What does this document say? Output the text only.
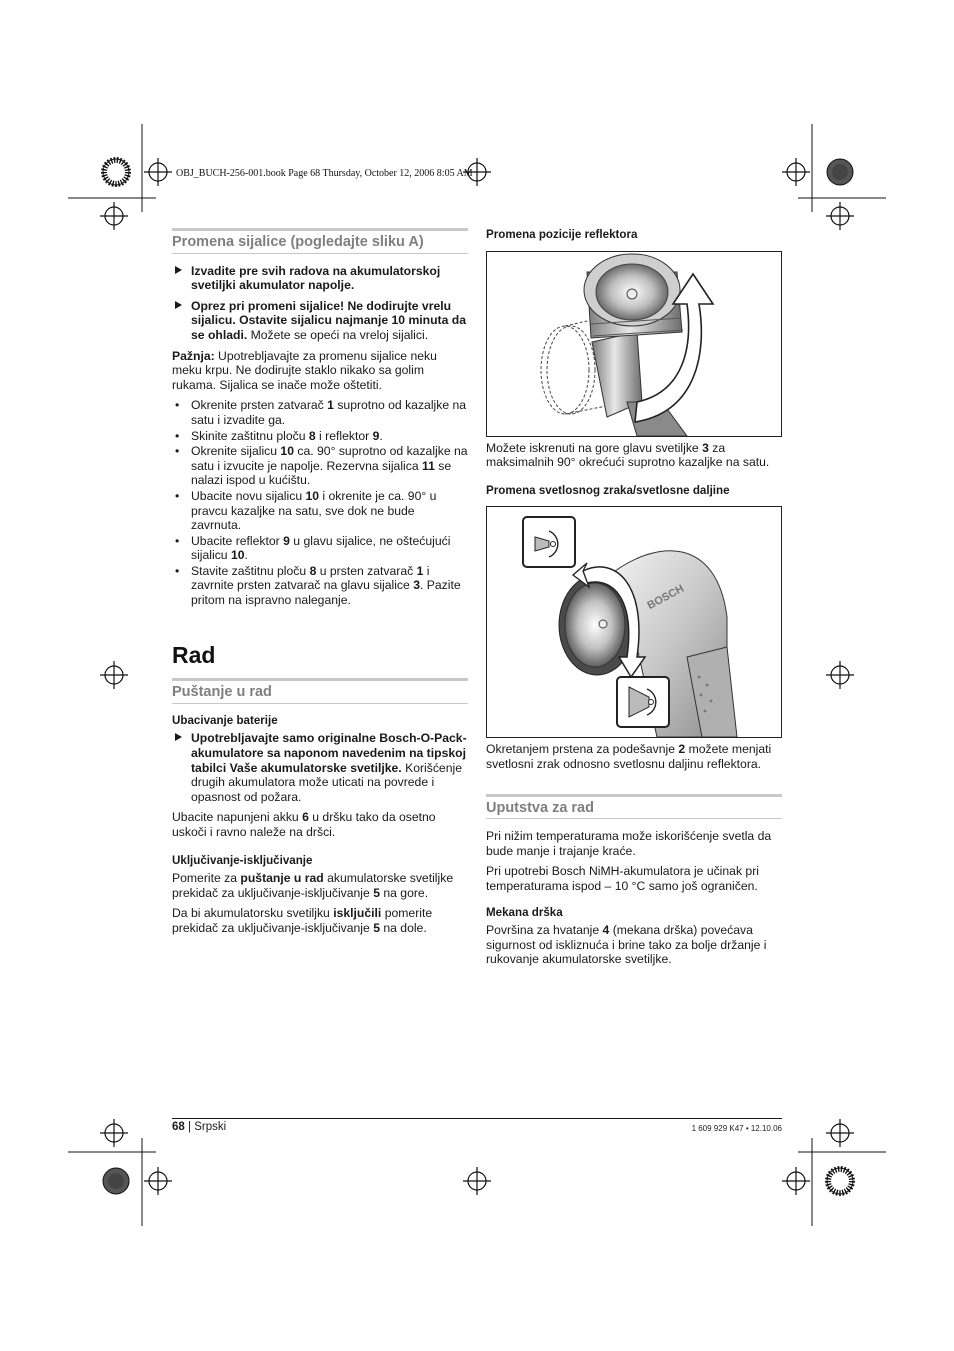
OBJ_BUCH-256-001.book Page 68 Thursday, October 12, 2006 8:05 AM
Promena sijalice (pogledajte sliku A)
Izvadite pre svih radova na akumulatorskoj svetiljki akumulator napolje.
Oprez pri promeni sijalice! Ne dodirujte vrelu sijalicu. Ostavite sijalicu najmanje 10 minuta da se ohladi. Možete se opeći na vreloj sijalici.

Pažnja: Upotrebljavajte za promenu sijalice neku meku krpu. Ne dodirujte staklo nikako sa golim rukama. Sijalica se inače može oštetiti.

• Okrenite prsten zatvarač 1 suprotno od kazaljke na satu i izvadite ga.
• Skinite zaštitnu ploču 8 i reflektor 9.
• Okrenite sijalicu 10 ca. 90° suprotno od kazaljke na satu i izvucite je napolje. Rezervna sijalica 11 se nalazi ispod u kućištu.
• Ubacite novu sijalicu 10 i okrenite je ca. 90° u pravcu kazaljke na satu, sve dok ne bude zavrnuta.
• Ubacite reflektor 9 u glavu sijalice, ne oštećujući sijalicu 10.
• Stavite zaštitnu ploču 8 u prsten zatvarač 1 i zavrnite prsten zatvarač na glavu sijalice 3. Pazite pritom na ispravno naleganje.
Rad
Puštanje u rad
Ubacivanje baterije
Upotrebljavajte samo originalne Bosch-O-Pack-akumulatore sa naponom navedenim na tipskoj tabilci Vaše akumulatorske svetiljke. Korišćenje drugih akumulatora može uticati na povrede i opasnost od požara.

Ubacite napunjeni akku 6 u dršku tako da osetno uskoči i ravno naleže na dršci.

Uključivanje-isključivanje

Pomerite za puštanje u rad akumulatorske svetiljke prekidač za uključivanje-isključivanje 5 na gore.

Da bi akumulatorsku svetiljku isključili pomerite prekidač za uključivanje-isključivanje 5 na dole.

Promena pozicije reflektora

Možete iskrenuti na gore glavu svetiljke 3 za maksimalnih 90° okrećući suprotno kazaljke na satu.

Promena svetlosnog zraka/svetlosne daljine
BOSCH

Okretanjem prstena za podešavnje 2 možete menjati svetlosni zrak odnosno svetlosnu daljinu reflektora.

Uputstva za rad

Pri nižim temperaturama može iskorišćenje svetla da bude manje i trajanje kraće.

Pri upotrebi Bosch NiMH-akumulatora je učinak pri temperaturama ispod – 10 °C samo još ograničen.

Mekana drška

Površina za hvatanje 4 (mekana drška) povećava sigurnost od iskliznuća i brine tako za bolje držanje i rukovanje akumulatorske svetiljke.

68 | Srpski	1 609 929 K47 • 12.10.06
